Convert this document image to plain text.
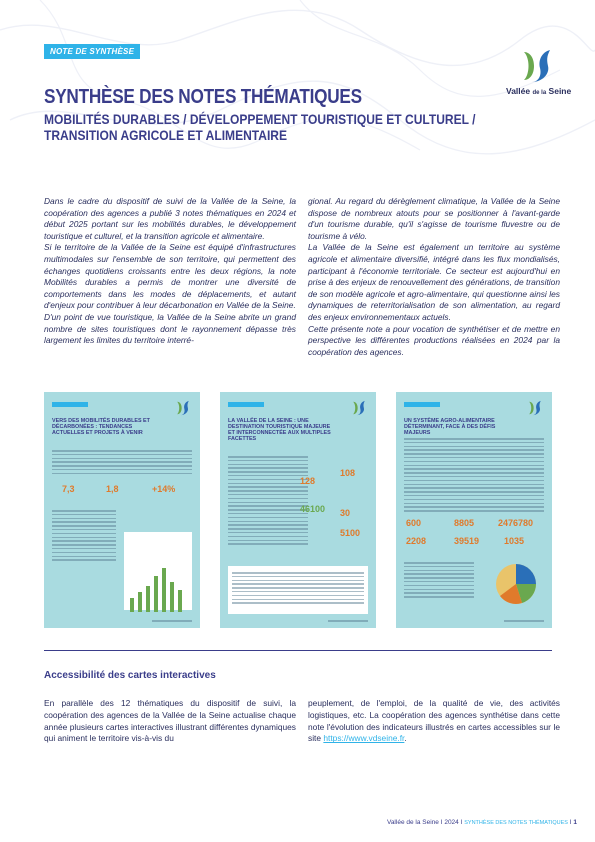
NOTE DE SYNTHÈSE
Vallée de la Seine
SYNTHÈSE DES NOTES THÉMATIQUES
MOBILITÉS DURABLES / DÉVELOPPEMENT TOURISTIQUE ET CULTUREL /
TRANSITION AGRICOLE ET ALIMENTAIRE

Dans le cadre du dispositif de suivi de la Vallée de la Seine, la coopération des agences a publié 3 notes thématiques en 2024 et début 2025 portant sur les mobilités durables, le développement touristique et culturel, et la transition agricole et alimentaire.

Si le territoire de la Vallée de la Seine est équipé d'infrastructures multimodales sur l'ensemble de son territoire, qui permettent des échanges quotidiens croissants entre les deux régions, la note Mobilités durables a permis de montrer une diversité de comportements dans les modes de déplacements, et autant d'enjeux pour contribuer à leur décarbonation en Vallée de la Seine.

D'un point de vue touristique, la Vallée de la Seine abrite un grand nombre de sites touristiques dont le rayonnement dépasse très largement les limites du territoire interré-

gional. Au regard du dérèglement climatique, la Vallée de la Seine dispose de nombreux atouts pour se positionner à l'avant-garde d'un tourisme durable, qu'il s'agisse de tourisme fluvestre ou de tourisme à vélo.

La Vallée de la Seine est également un territoire au système agricole et alimentaire diversifié, intégré dans les flux mondialisés, participant à l'économie territoriale. Ce secteur est aujourd'hui en prise à des enjeux de renouvellement des générations, de transition de son modèle agricole et agro-alimentaire, qui questionne ainsi les dynamiques de reterritorialisation de son alimentation, au regard des enjeux environnementaux actuels.

Cette présente note a pour vocation de synthétiser et de mettre en perspective les différentes productions réalisées en 2024 par la coopération des agences.

VERS DES MOBILITÉS DURABLES ET DÉCARBONÉES : TENDANCES ACTUELLES ET PROJETS À VENIR
7,3	1,8	+14%
LA VALLÉE DE LA SEINE : UNE DESTINATION TOURISTIQUE MAJEURE ET INTERCONNECTÉE AUX MULTIPLES FACETTES
108
128
46100 30
5100
UN SYSTÈME AGRO-ALIMENTAIRE DÉTERMINANT, FACE À DES DÉFIS MAJEURS
600	8805	2476780
2208	39519	1035
Accessibilité des cartes interactives

En parallèle des 12 thématiques du dispositif de suivi, la coopération des agences de la Vallée de la Seine actualise chaque année plusieurs cartes interactives illustrant différentes dynamiques qui animent le territoire vis-à-vis du

peuplement, de l'emploi, de la qualité de vie, des activités logistiques, etc. La coopération des agences synthétise dans cette note l'évolution des indicateurs illustrés en cartes accessibles sur le site https://www.vdseine.fr.

Vallée de la Seine I 2024 I SYNTHÈSE DES NOTES THÉMATIQUES I 1
